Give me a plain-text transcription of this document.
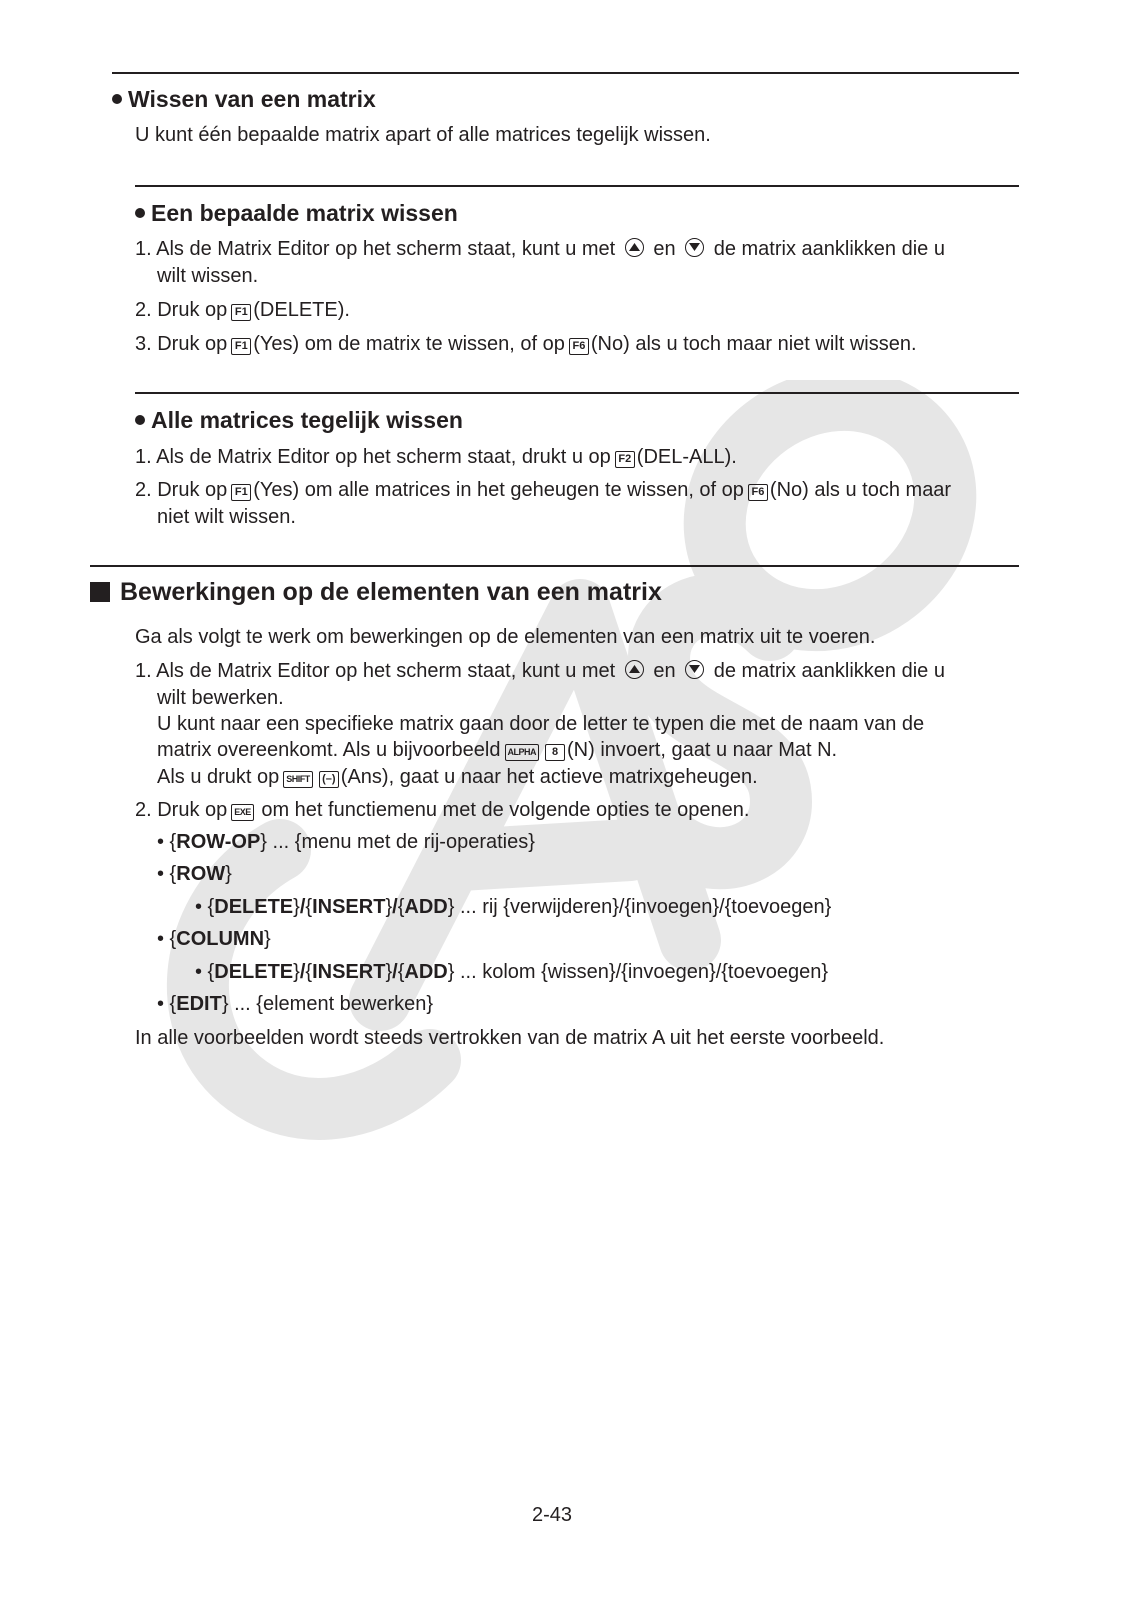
Wissen van een matrix
U kunt één bepaalde matrix apart of alle matrices tegelijk wissen.
Een bepaalde matrix wissen
1. Als de Matrix Editor op het scherm staat, kunt u met en de matrix aanklikken die u
wilt wissen.
2. Druk op F1 (DELETE).
3. Druk op F1 (Yes) om de matrix te wissen, of op F6 (No) als u toch maar niet wilt wissen.
Alle matrices tegelijk wissen
1. Als de Matrix Editor op het scherm staat, drukt u op F2 (DEL-ALL).
2. Druk op F1 (Yes) om alle matrices in het geheugen te wissen, of op F6 (No) als u toch maar
niet wilt wissen.
Bewerkingen op de elementen van een matrix
Ga als volgt te werk om bewerkingen op de elementen van een matrix uit te voeren.
1. Als de Matrix Editor op het scherm staat, kunt u met en de matrix aanklikken die u
wilt bewerken.
U kunt naar een specifieke matrix gaan door de letter te typen die met de naam van de
matrix overeenkomt. Als u bijvoorbeeld ALPHA 8 (N) invoert, gaat u naar Mat N.
Als u drukt op SHIFT (–) (Ans), gaat u naar het actieve matrixgeheugen.
2. Druk op EXE om het functiemenu met de volgende opties te openen.
• {ROW-OP} ... {menu met de rij-operaties}
• {ROW}
• {DELETE}/{INSERT}/{ADD} ... rij {verwijderen}/{invoegen}/{toevoegen}
• {COLUMN}
• {DELETE}/{INSERT}/{ADD} ... kolom {wissen}/{invoegen}/{toevoegen}
• {EDIT} ... {element bewerken}
In alle voorbeelden wordt steeds vertrokken van de matrix A uit het eerste voorbeeld.
2-43
